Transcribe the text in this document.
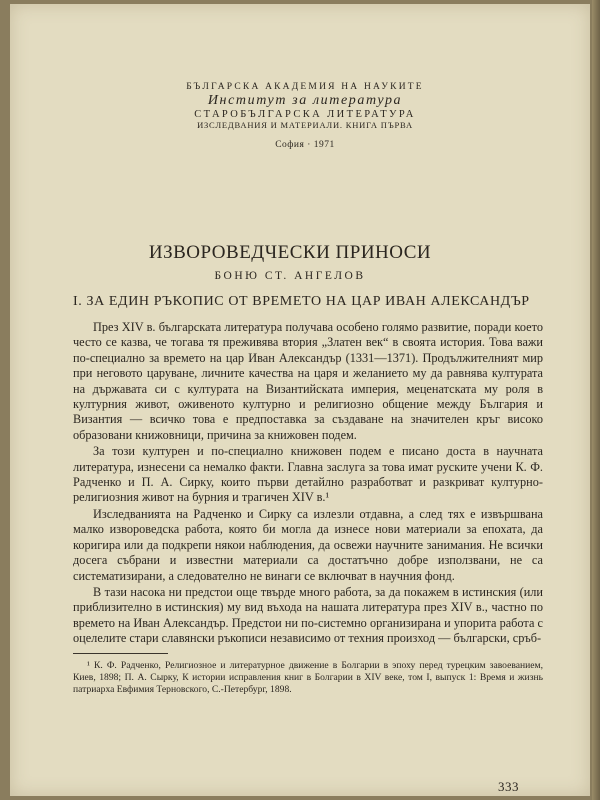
БЪЛГАРСКА АКАДЕМИЯ НА НАУКИТЕ
Институт за литература
СТАРОБЪЛГАРСКА ЛИТЕРАТУРА
ИЗСЛЕДВАНИЯ И МАТЕРИАЛИ. КНИГА ПЪРВА
София · 1971
ИЗВОРОВЕДЧЕСКИ ПРИНОСИ
БОНЮ СТ. АНГЕЛОВ
I. ЗА ЕДИН РЪКОПИС ОТ ВРЕМЕТО НА ЦАР ИВАН АЛЕКСАНДЪР

През XIV в. българската литература получава особено голямо развитие, поради което често се казва, че тогава тя преживява втория „Златен век“ в своята история. Това важи по-специално за времето на цар Иван Александър (1331—1371). Продължителният мир при неговото царуване, личните качества на царя и желанието му да равнява културата на държавата си с културата на Византийската империя, меценатската му роля в културния живот, оживеното културно и религиозно общение между България и Византия — всичко това е предпоставка за създаване на значителен кръг високо образовани книжовници, причина за книжовен подем.

За този културен и по-специално книжовен подем е писано доста в научната литература, изнесени са немалко факти. Главна заслуга за това имат руските учени К. Ф. Радченко и П. А. Сирку, които първи детайлно разработват и разкриват културно-религиозния живот на бурния и трагичен XIV в.¹

Изследванията на Радченко и Сирку са излезли отдавна, а след тях е извършвана малко изворoведска работа, която би могла да изнесе нови материали за епохата, да коригира или да подкрепи някои наблюдения, да освежи научните занимания. Не всички досега събрани и известни материали са достатъчно добре използвани, не са систематизирани, а следователно не винаги се включват в научния фонд.

В тази насока ни предстои още твърде много работа, за да покажем в истинския (или приблизително в истинския) му вид въхода на нашата литература през XIV в., частно по времето на Иван Александър. Предстои ни по-системно организирана и упорита работа с оцелелите стари славянски ръкописи независимо от техния произход — български, сръб-

¹ К. Ф. Радченко, Религиозное и литературное движение в Болгарии в эпоху перед турецким завоеванием, Киев, 1898; П. А. Сырку, К истории исправления книг в Болгарии в XIV веке, том I, выпуск 1: Время и жизнь патриарха Евфимия Терновского, С.-Петербург, 1898.

333
